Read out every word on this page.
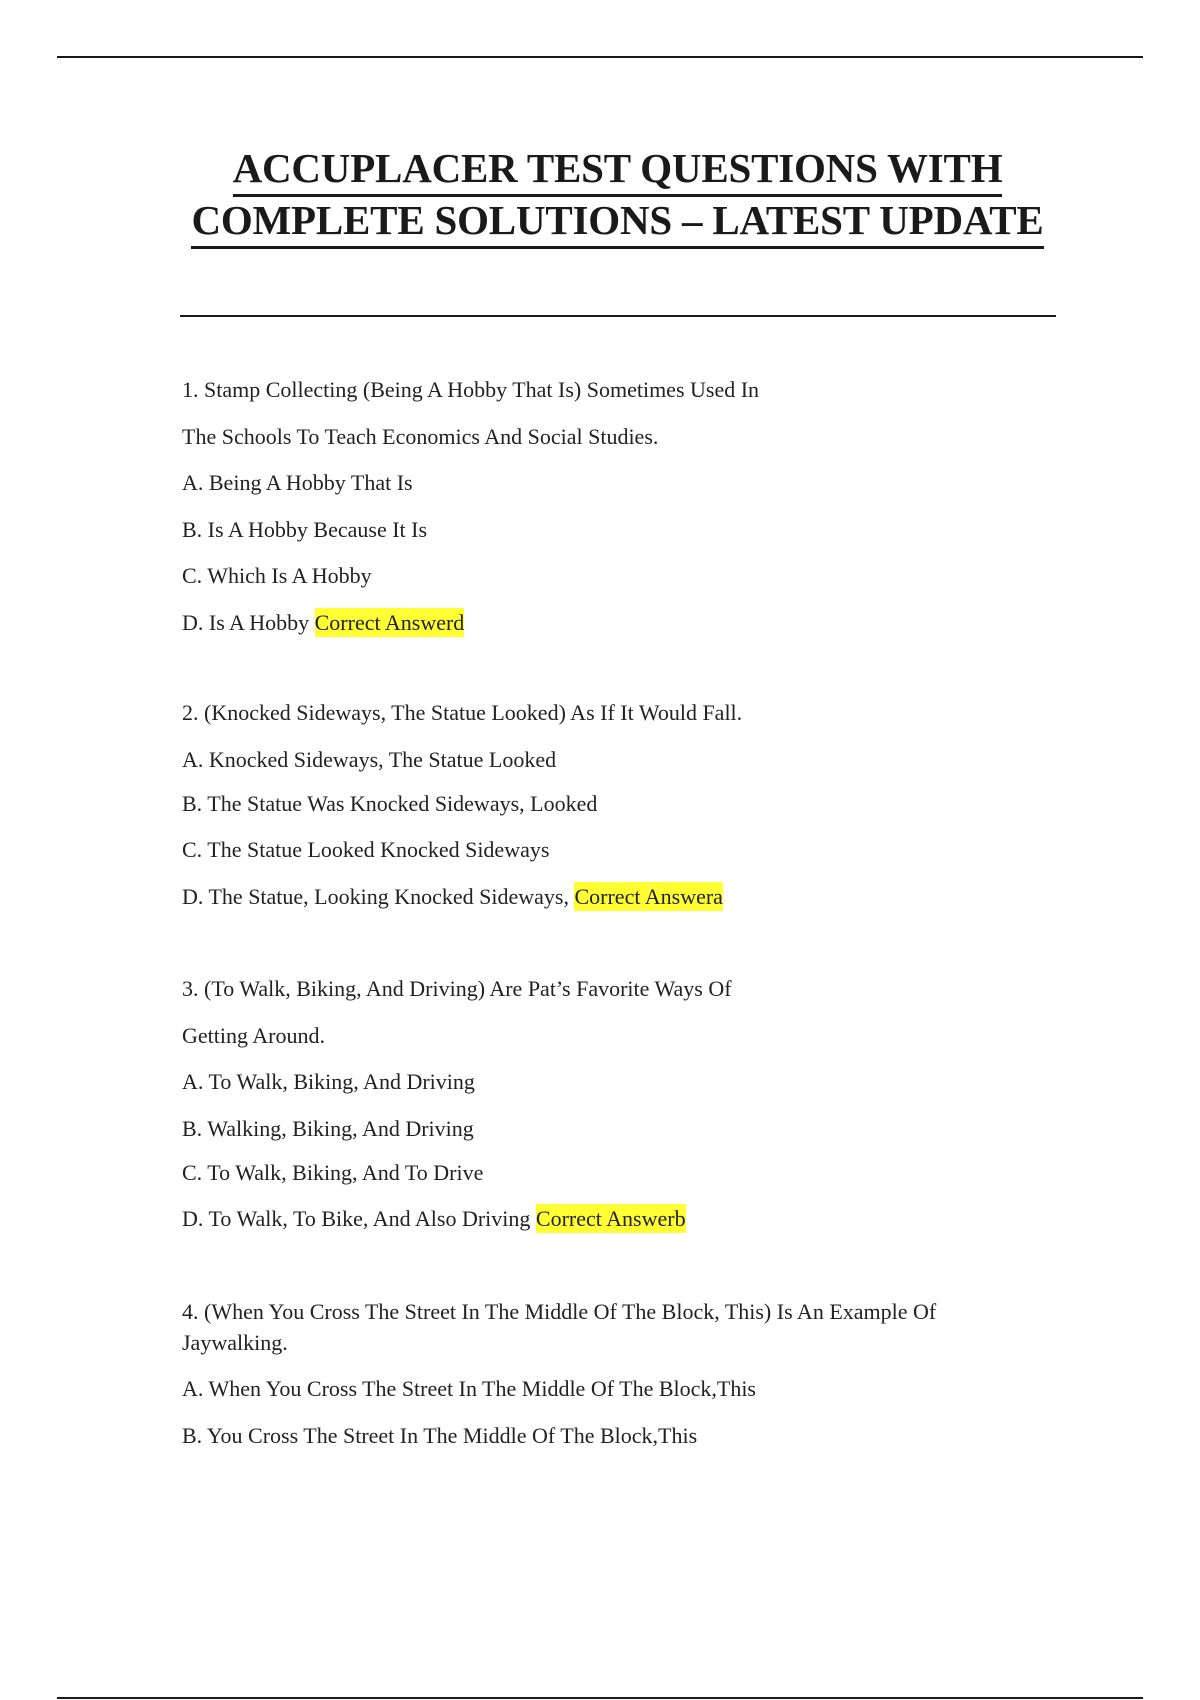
ACCUPLACER TEST QUESTIONS WITH
COMPLETE SOLUTIONS – LATEST UPDATE
1. Stamp Collecting (Being A Hobby That Is) Sometimes Used In
The Schools To Teach Economics And Social Studies.
A. Being A Hobby That Is
B. Is A Hobby Because It Is
C. Which Is A Hobby
D. Is A Hobby Correct Answerd
2. (Knocked Sideways, The Statue Looked) As If It Would Fall.
A. Knocked Sideways, The Statue Looked
B. The Statue Was Knocked Sideways, Looked
C. The Statue Looked Knocked Sideways
D. The Statue, Looking Knocked Sideways, Correct Answera
3. (To Walk, Biking, And Driving) Are Pat’s Favorite Ways Of
Getting Around.
A. To Walk, Biking, And Driving
B. Walking, Biking, And Driving
C. To Walk, Biking, And To Drive
D. To Walk, To Bike, And Also Driving Correct Answerb
4. (When You Cross The Street In The Middle Of The Block, This) Is An Example Of
Jaywalking.
A. When You Cross The Street In The Middle Of The Block,This
B. You Cross The Street In The Middle Of The Block,This
